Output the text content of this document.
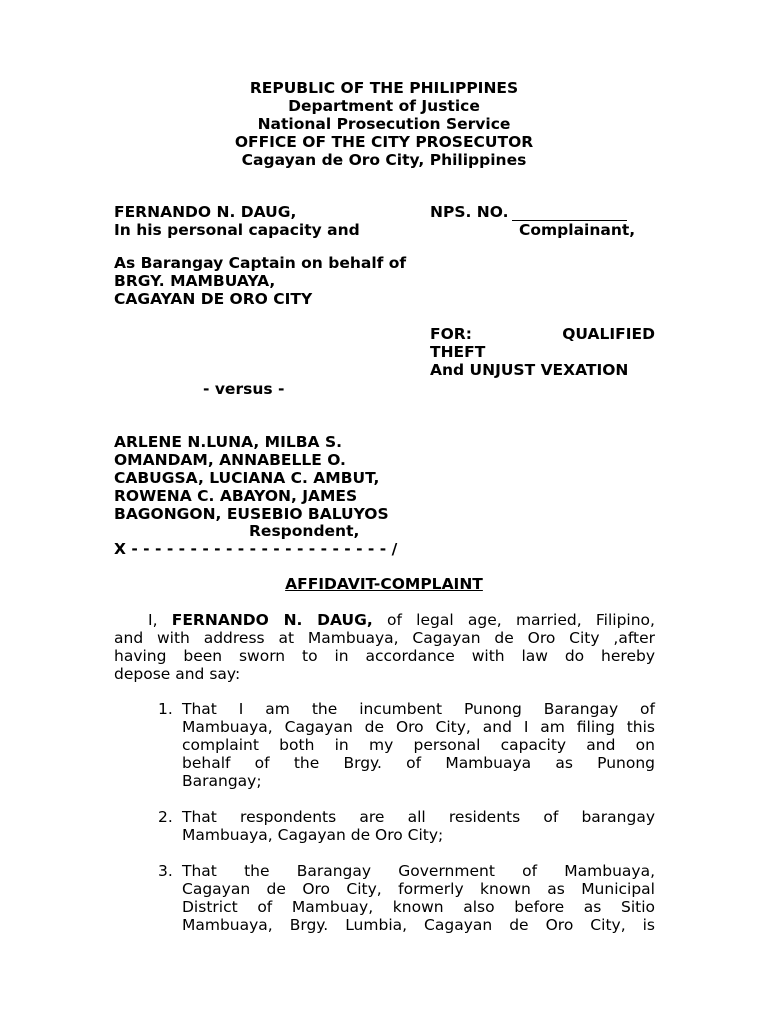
REPUBLIC OF THE PHILIPPINES
Department of Justice
National Prosecution Service
OFFICE OF THE CITY PROSECUTOR
Cagayan de Oro City, Philippines
FERNANDO N. DAUG,	NPS. NO.
In his personal capacity and	Complainant,
As Barangay Captain on behalf of
BRGY. MAMBUAYA,
CAGAYAN DE ORO CITY
FOR:	QUALIFIED
THEFT
And UNJUST VEXATION
- versus -
ARLENE N.LUNA, MILBA S.
OMANDAM, ANNABELLE O.
CABUGSA, LUCIANA C. AMBUT,
ROWENA C. ABAYON, JAMES
BAGONGON, EUSEBIO BALUYOS
Respondent,
X - - - - - - - - - - - - - - - - - - - - - - /
AFFIDAVIT-COMPLAINT
I, FERNANDO N. DAUG, of legal age, married, Filipino,
and with address at Mambuaya, Cagayan de Oro City ,after
having been sworn to in accordance with law do hereby
depose and say:
1. That I am the incumbent Punong Barangay of
Mambuaya, Cagayan de Oro City, and I am filing this
complaint both in my personal capacity and on
behalf of the Brgy. of Mambuaya as Punong
Barangay;
2. That respondents are all residents of barangay
Mambuaya, Cagayan de Oro City;
3. That the Barangay Government of Mambuaya,
Cagayan de Oro City, formerly known as Municipal
District of Mambuay, known also before as Sitio
Mambuaya, Brgy. Lumbia, Cagayan de Oro City, is
